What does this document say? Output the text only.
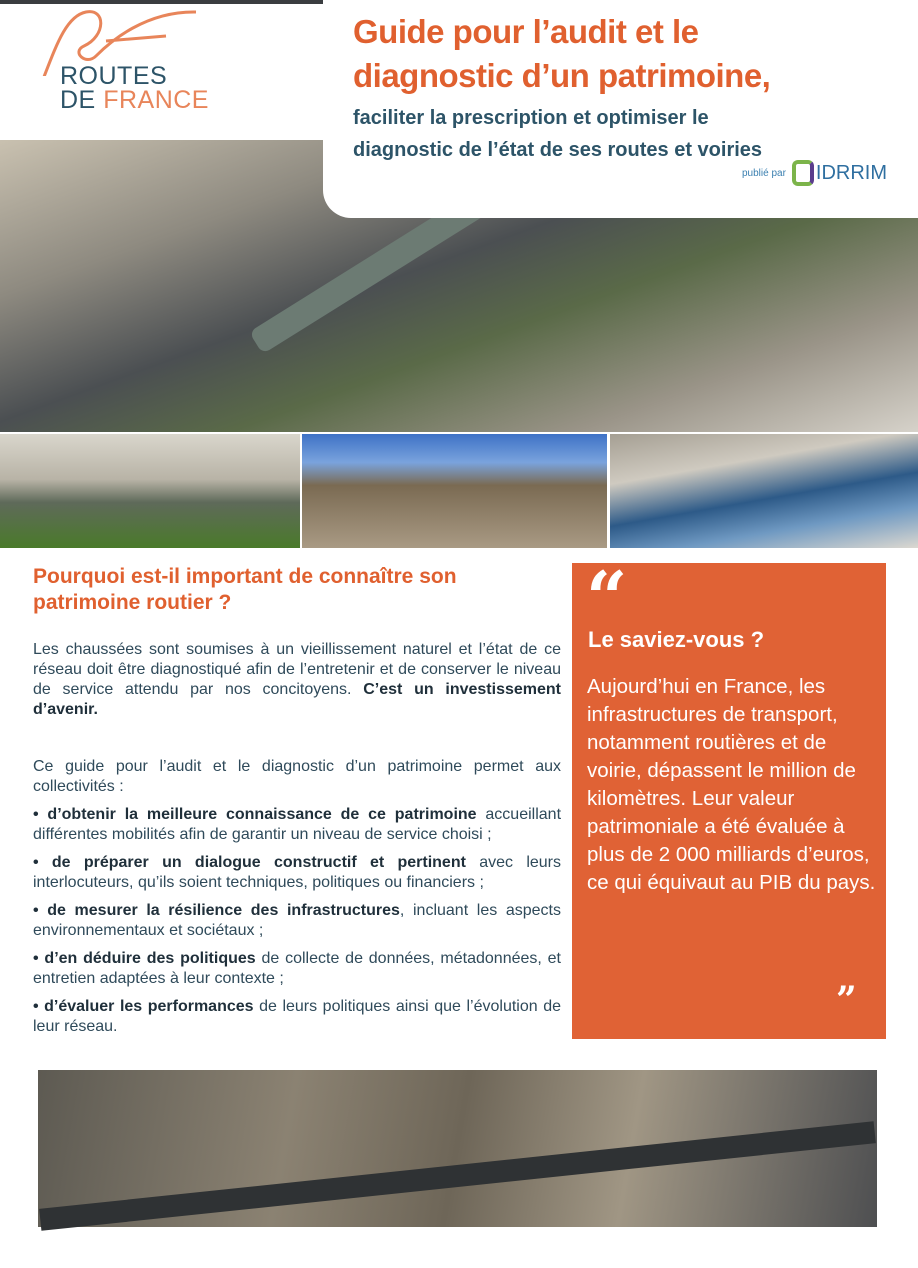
ROUTES
DE FRANCE
Guide pour l’audit et le
diagnostic d’un patrimoine,
faciliter la prescription et optimiser le
diagnostic de l’état de ses routes et voiries
publié par IDRRIM
Pourquoi est-il important de connaître son patrimoine routier ?
Les chaussées sont soumises à un vieillissement naturel et l’état de ce réseau doit être diagnostiqué afin de l’entretenir et de conserver le niveau de service attendu par nos concitoyens. C’est un investissement d’avenir.

Ce guide pour l’audit et le diagnostic d’un patrimoine permet aux collectivités :

• d’obtenir la meilleure connaissance de ce patrimoine accueillant différentes mobilités afin de garantir un niveau de service choisi ;

• de préparer un dialogue constructif et pertinent avec leurs interlocuteurs, qu’ils soient techniques, politiques ou financiers ;

• de mesurer la résilience des infrastructures, incluant les aspects environnementaux et sociétaux ;

• d’en déduire des politiques de collecte de données, métadonnées, et entretien adaptées à leur contexte ;

• d’évaluer les performances de leurs politiques ainsi que l’évolution de leur réseau.

“
Le saviez-vous ?
Aujourd’hui en France, les infrastructures de transport, notamment routières et de voirie, dépassent le million de kilomètres. Leur valeur patrimoniale a été évaluée à plus de 2 000 milliards d’euros, ce qui équivaut au PIB du pays.
”
